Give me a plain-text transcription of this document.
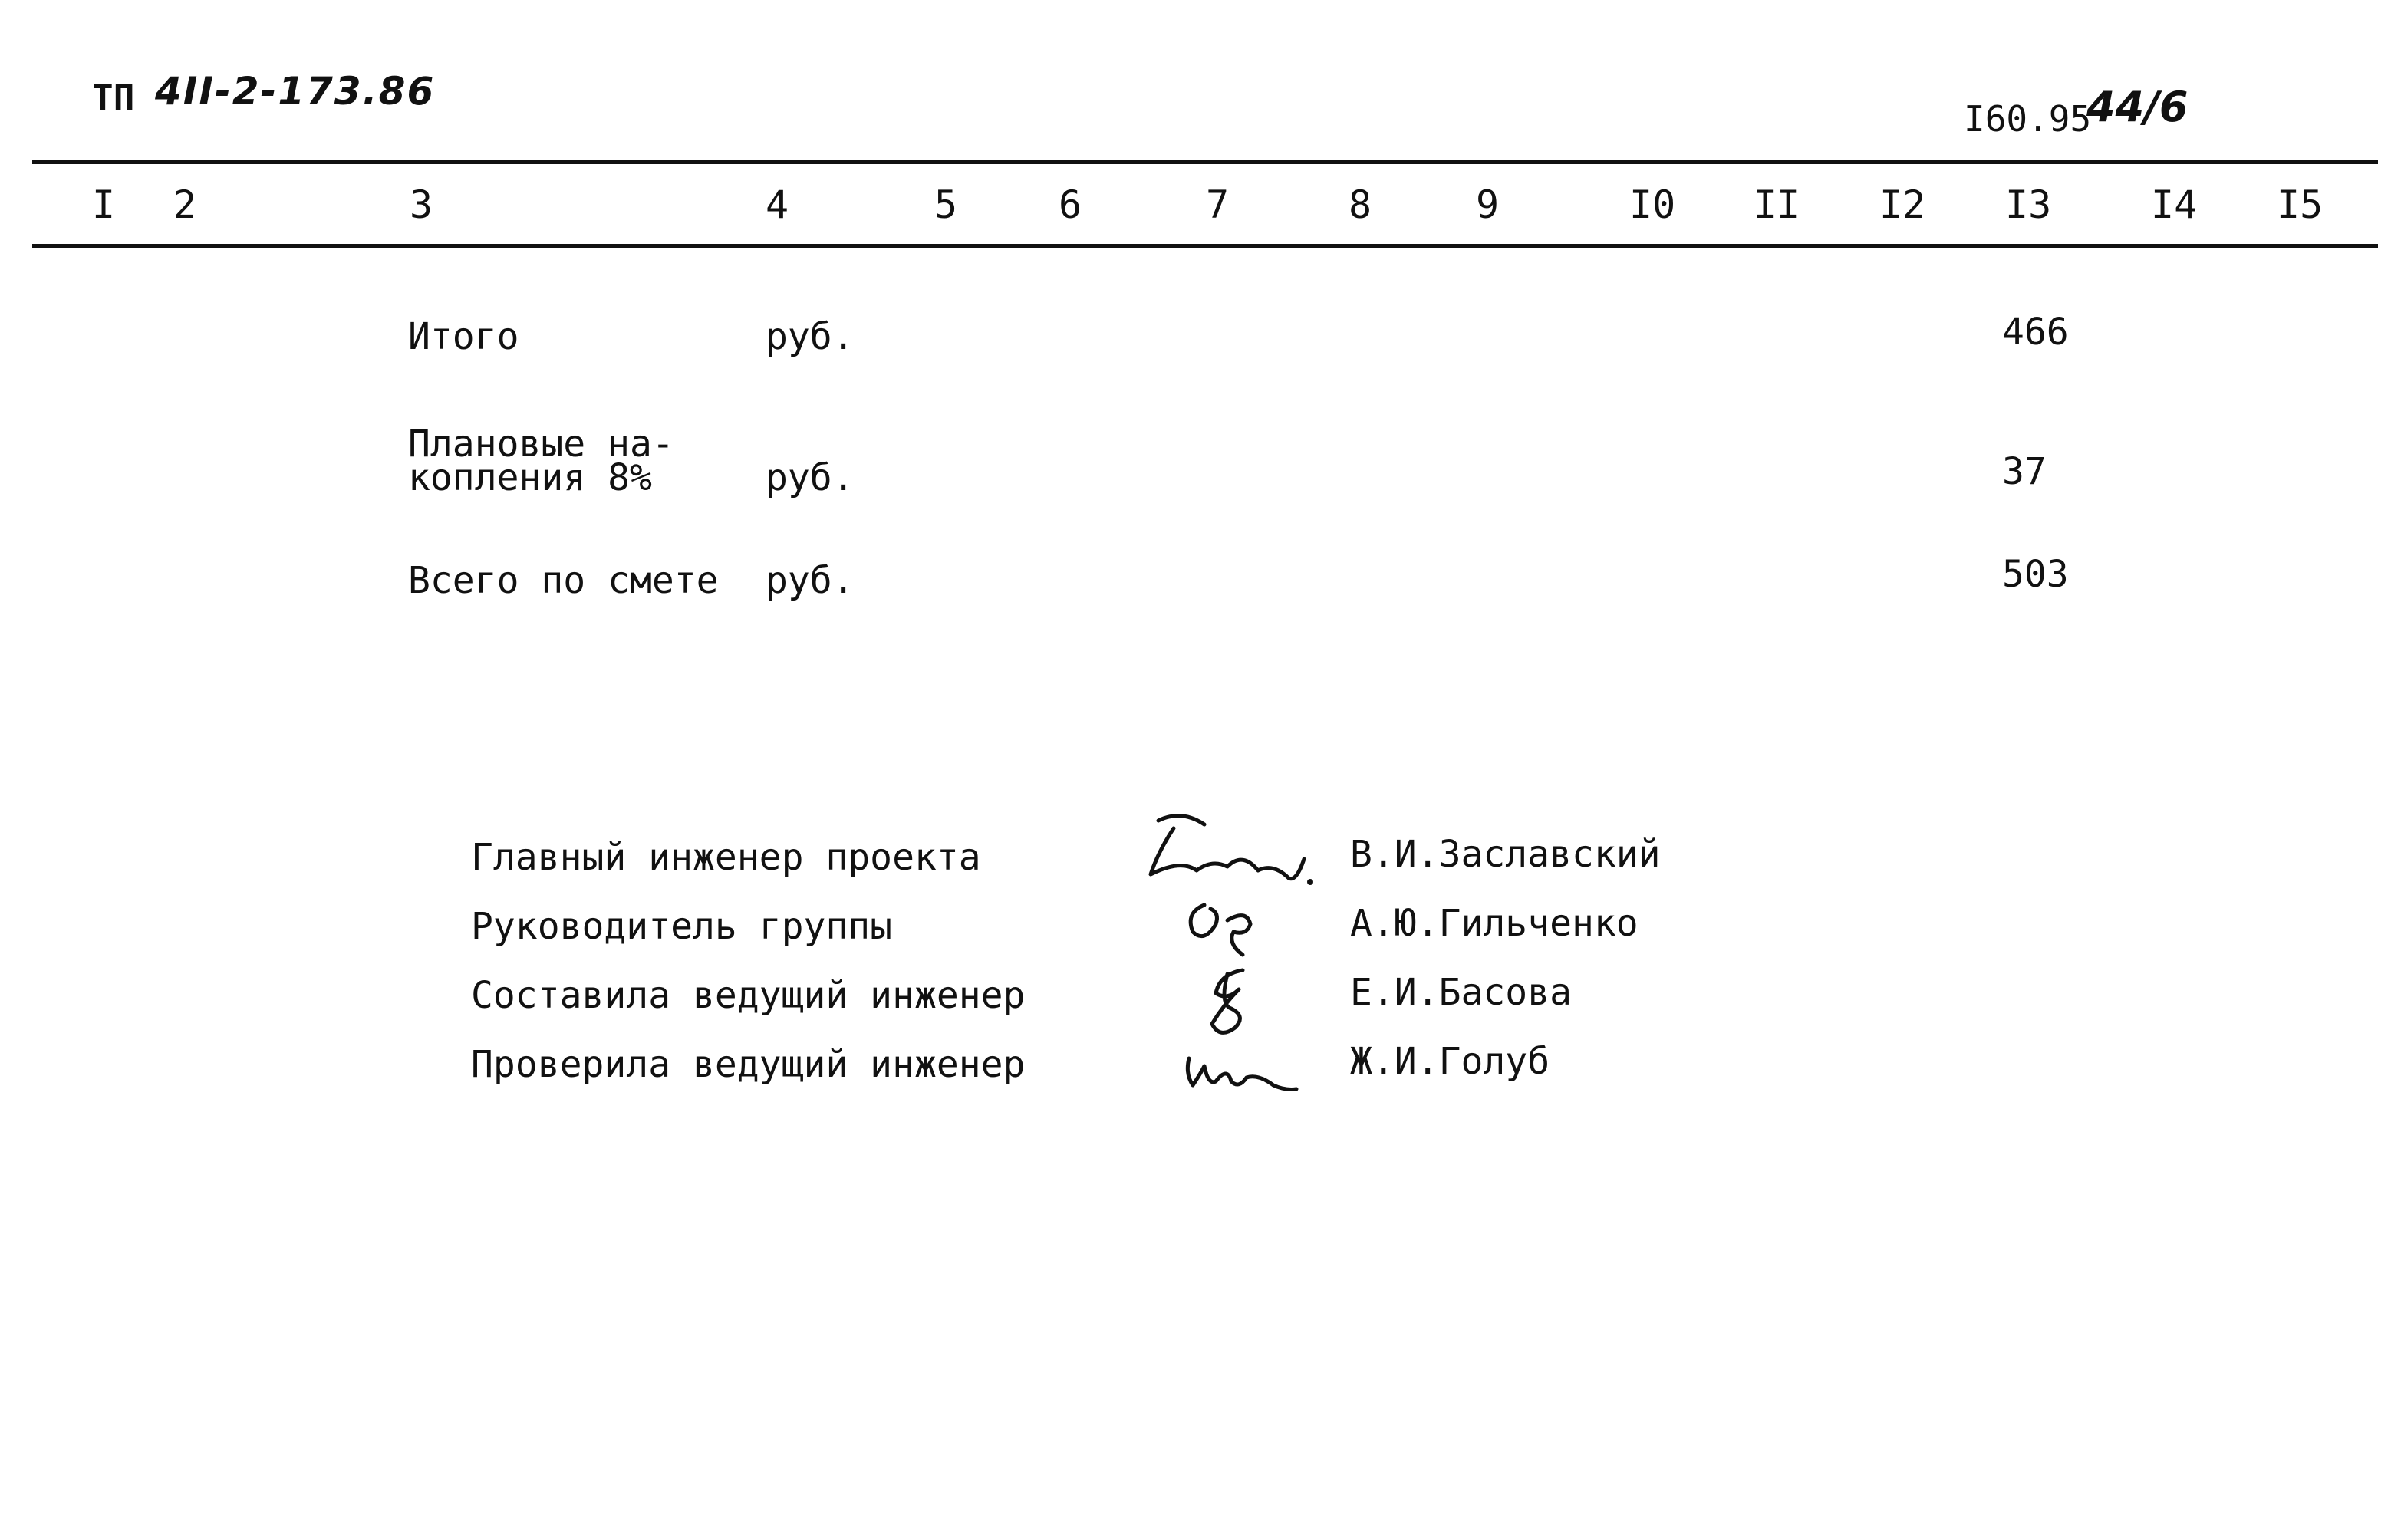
ТП 4II-2-173.86
I60.95
44/6
I 2	3	4	5	6	7	8	9	I0 II I2 I3	I4 I5
Итого	руб.	466
Плановые на-
копления 8%	руб.	37
Всего по смете руб.	503
Главный инженер проекта	В.И.Заславский
Руководитель группы	А.Ю.Гильченко
Составила ведущий инженер	Е.И.Басова
Проверила ведущий инженер	Ж.И.Голуб
